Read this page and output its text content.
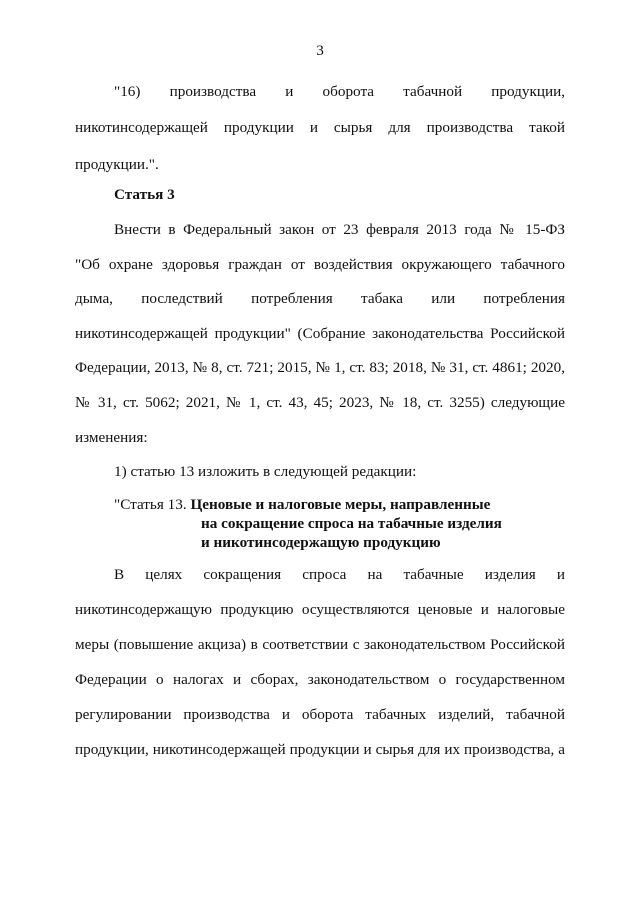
3
"16) производства и оборота табачной продукции,
никотинсодержащей продукции и сырья для производства такой
продукции.".
Статья 3
Внести в Федеральный закон от 23 февраля 2013 года № 15-ФЗ
"Об охране здоровья граждан от воздействия окружающего табачного
дыма, последствий потребления табака или потребления
никотинсодержащей продукции" (Собрание законодательства Российской
Федерации, 2013, № 8, ст. 721; 2015, № 1, ст. 83; 2018, № 31, ст. 4861; 2020,
№ 31, ст. 5062; 2021, № 1, ст. 43, 45; 2023, № 18, ст. 3255) следующие
изменения:
1) статью 13 изложить в следующей редакции:
"Статья 13. Ценовые и налоговые меры, направленные
на сокращение спроса на табачные изделия
и никотинсодержащую продукцию
В целях сокращения спроса на табачные изделия и
никотинсодержащую продукцию осуществляются ценовые и налоговые
меры (повышение акциза) в соответствии с законодательством Российской
Федерации о налогах и сборах, законодательством о государственном
регулировании производства и оборота табачных изделий, табачной
продукции, никотинсодержащей продукции и сырья для их производства, а
